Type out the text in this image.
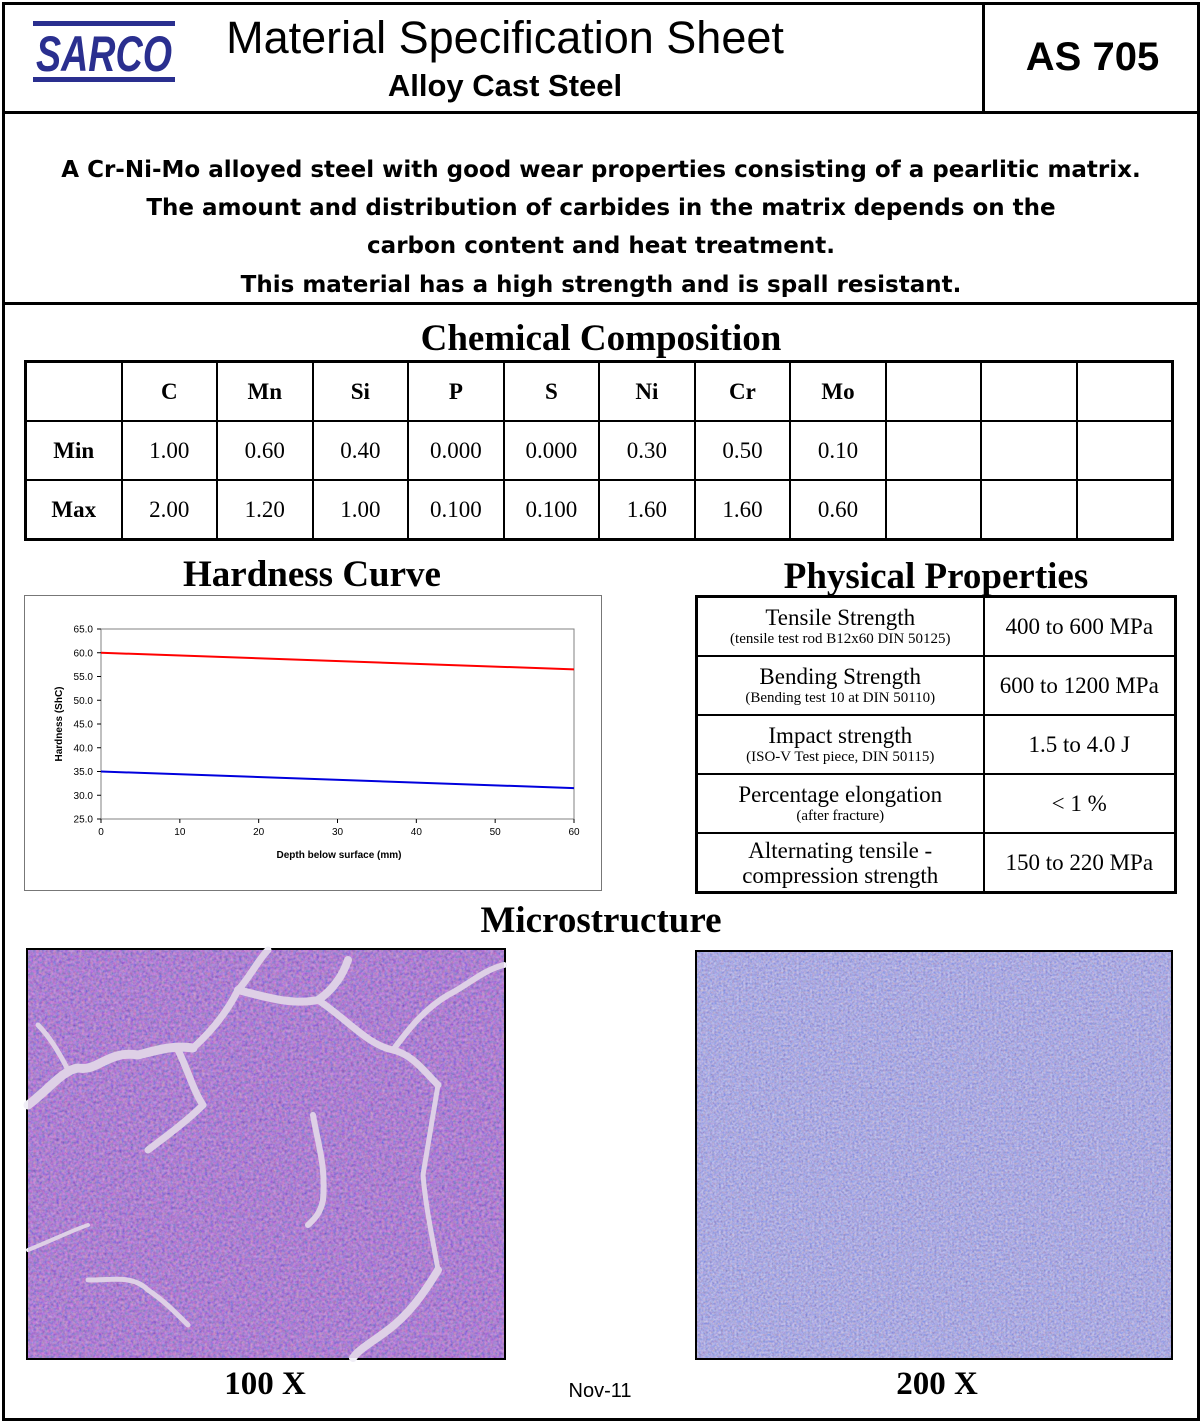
SARCO	Material Specification Sheet
Alloy Cast Steel
AS 705
A Cr-Ni-Mo alloyed steel with good wear properties consisting of a pearlitic matrix.
The amount and distribution of carbides in the matrix depends on the
carbon content and heat treatment.
This material has a high strength and is spall resistant.
Chemical Composition
	C	Mn	Si	P	S	Ni	Cr	Mo			
Min	1.00	0.60	0.40	0.000	0.000	0.30	0.50	0.10			
Max	2.00	1.20	1.00	0.100	0.100	1.60	1.60	0.60			
Hardness Curve
Depth below surface (mm)
Hardness (ShC)
65.0
60.0
55.0
50.0
45.0
40.0
35.0
30.0
25.0
0	10	20	30	40	50	60
Physical Properties
Tensile Strength
(tensile test rod B12x60 DIN 50125)	400 to 600 MPa

Bending Strength
(Bending test 10 at DIN 50110)	600 to 1200 MPa

Impact strength
(ISO-V Test piece, DIN 50115)	1.5 to 4.0 J

Percentage elongation
(after fracture)	< 1 %

Alternating tensile - compression strength	150 to 220 MPa
Microstructure
100 X	200 X
Nov-11
